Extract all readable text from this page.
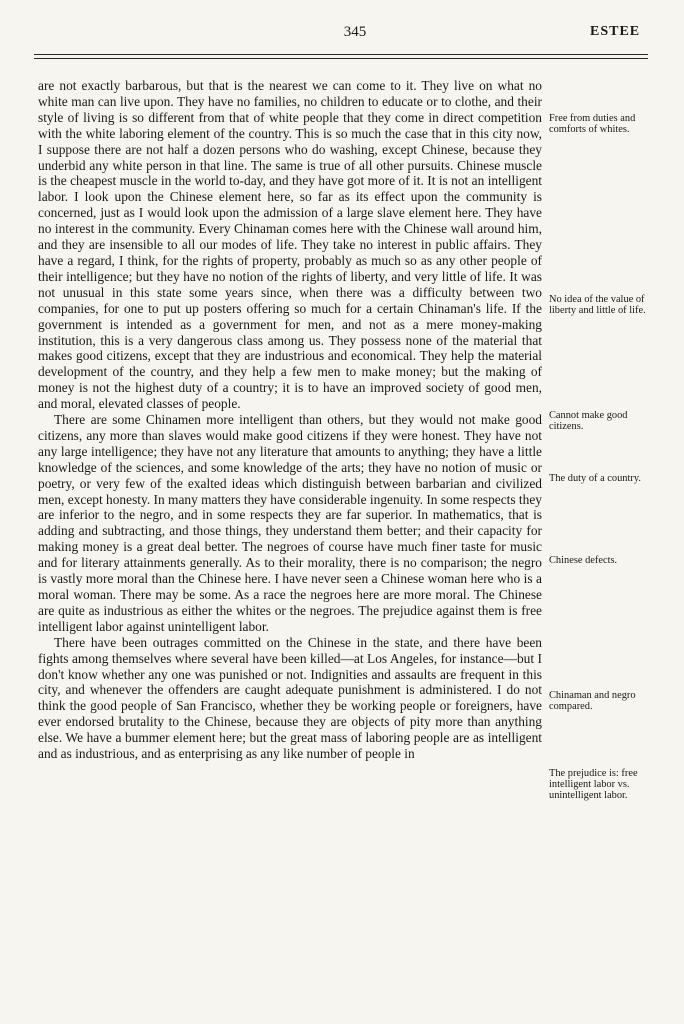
345	ESTEE

are not exactly barbarous, but that is the nearest we can come to it. They live on what no white man can live upon. They have no families, no children to educate or to clothe, and their style of living is so different from that of white people that they come in direct competition with the white laboring element of the country. This is so much the case that in this city now, I suppose there are not half a dozen persons who do washing, except Chinese, because they underbid any white person in that line. The same is true of all other pursuits. Chinese muscle is the cheapest muscle in the world to-day, and they have got more of it. It is not an intelligent labor. I look upon the Chinese element here, so far as its effect upon the community is concerned, just as I would look upon the admission of a large slave element here. They have no interest in the community. Every Chinaman comes here with the Chinese wall around him, and they are insensible to all our modes of life. They take no interest in public affairs. They have a regard, I think, for the rights of property, probably as much so as any other people of their intelligence; but they have no notion of the rights of liberty, and very little of life. It was not unusual in this state some years since, when there was a difficulty between two companies, for one to put up posters offering so much for a certain Chinaman's life. If the government is intended as a government for men, and not as a mere money-making institution, this is a very dangerous class among us. They possess none of the material that makes good citizens, except that they are industrious and economical. They help the material development of the country, and they help a few men to make money; but the making of money is not the highest duty of a country; it is to have an improved society of good men, and moral, elevated classes of people.

There are some Chinamen more intelligent than others, but they would not make good citizens, any more than slaves would make good citizens if they were honest. They have not any large intelligence; they have not any literature that amounts to anything; they have a little knowledge of the sciences, and some knowledge of the arts; they have no notion of music or poetry, or very few of the exalted ideas which distinguish between barbarian and civilized men, except honesty. In many matters they have considerable ingenuity. In some respects they are inferior to the negro, and in some respects they are far superior. In mathematics, that is adding and subtracting, and those things, they understand them better; and their capacity for making money is a great deal better. The negroes of course have much finer taste for music and for literary attainments generally. As to their morality, there is no comparison; the negro is vastly more moral than the Chinese here. I have never seen a Chinese woman here who is a moral woman. There may be some. As a race the negroes here are more moral. The Chinese are quite as industrious as either the whites or the negroes. The prejudice against them is free intelligent labor against unintelligent labor.

There have been outrages committed on the Chinese in the state, and there have been fights among themselves where several have been killed—at Los Angeles, for instance—but I don't know whether any one was punished or not. Indignities and assaults are frequent in this city, and whenever the offenders are caught adequate punishment is administered. I do not think the good people of San Francisco, whether they be working people or foreigners, have ever endorsed brutality to the Chinese, because they are objects of pity more than anything else. We have a bummer element here; but the great mass of laboring people are as intelligent and as industrious, and as enterprising as any like number of people in

Free from duties and comforts of whites.
No idea of the value of liberty and little of life.
Cannot make good citizens.
The duty of a country.
Chinese defects.
Chinaman and negro compared.
The prejudice is: free intelligent labor vs. unintelligent labor.
